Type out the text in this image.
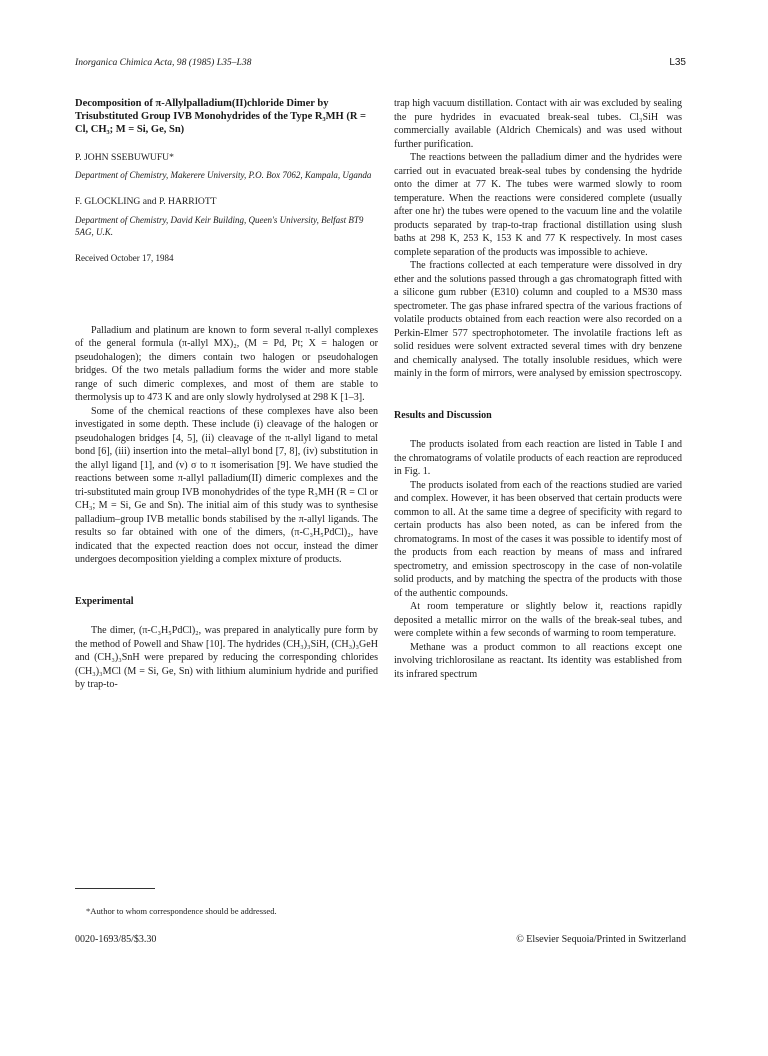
Inorganica Chimica Acta, 98 (1985) L35–L38	L35

Decomposition of π-Allylpalladium(II)chloride Dimer by Trisubstituted Group IVB Monohydrides of the Type R₃MH (R = Cl, CH₃; M = Si, Ge, Sn)

P. JOHN SSEBUWUFU*
Department of Chemistry, Makerere University, P.O. Box 7062, Kampala, Uganda
F. GLOCKLING and P. HARRIOTT
Department of Chemistry, David Keir Building, Queen's University, Belfast BT9 5AG, U.K.
Received October 17, 1984

Palladium and platinum are known to form several π-allyl complexes of the general formula (π-allyl MX)₂, (M = Pd, Pt; X = halogen or pseudohalogen); the dimers contain two halogen or pseudohalogen bridges. Of the two metals palladium forms the wider and more stable range of such dimeric complexes, and most of them are stable to thermolysis up to 473 K and are only slowly hydrolysed at 298 K [1–3].

Some of the chemical reactions of these complexes have also been investigated in some depth. These include (i) cleavage of the halogen or pseudohalogen bridges [4, 5], (ii) cleavage of the π-allyl ligand to metal bond [6], (iii) insertion into the metal–allyl bond [7, 8], (iv) substitution in the allyl ligand [1], and (v) σ to π isomerisation [9]. We have studied the reactions between some π-allyl palladium(II) dimeric complexes and the tri-substituted main group IVB monohydrides of the type R₃MH (R = Cl or CH₃; M = Si, Ge and Sn). The initial aim of this study was to synthesise palladium–group IVB metallic bonds stabilised by the π-allyl ligands. The results so far obtained with one of the dimers, (π-C₃H₅PdCl)₂, have indicated that the expected reaction does not occur, instead the dimer undergoes decomposition yielding a complex mixture of products.

Experimental

The dimer, (π-C₃H₅PdCl)₂, was prepared in analytically pure form by the method of Powell and Shaw [10]. The hydrides (CH₃)₃SiH, (CH₃)₃GeH and (CH₃)₃SnH were prepared by reducing the corresponding chlorides (CH₃)₃MCl (M = Si, Ge, Sn) with lithium aluminium hydride and purified by trap-to-

trap high vacuum distillation. Contact with air was excluded by sealing the pure hydrides in evacuated break-seal tubes. Cl₃SiH was commercially available (Aldrich Chemicals) and was used without further purification.

The reactions between the palladium dimer and the hydrides were carried out in evacuated break-seal tubes by condensing the hydride onto the dimer at 77 K. The tubes were warmed slowly to room temperature. When the reactions were considered complete (usually after one hr) the tubes were opened to the vacuum line and the volatile products separated by trap-to-trap fractional distillation using slush baths at 298 K, 253 K, 153 K and 77 K respectively. In most cases complete separation of the products was impossible to achieve.

The fractions collected at each temperature were dissolved in dry ether and the solutions passed through a gas chromatograph fitted with a silicone gum rubber (E310) column and coupled to a MS30 mass spectrometer. The gas phase infrared spectra of the various fractions of volatile products obtained from each reaction were also recorded on a Perkin-Elmer 577 spectrophotometer. The involatile fractions left as solid residues were solvent extracted several times with dry benzene and chemically analysed. The totally insoluble residues, which were mainly in the form of mirrors, were analysed by emission spectroscopy.

Results and Discussion

The products isolated from each reaction are listed in Table I and the chromatograms of volatile products of each reaction are reproduced in Fig. 1.

The products isolated from each of the reactions studied are varied and complex. However, it has been observed that certain products were common to all. At the same time a degree of specificity with regard to certain products has also been noted, as can be infered from the chromatograms. In most of the cases it was possible to identify most of the products from each reaction by means of mass and infrared spectrometry, and emission spectroscopy in the case of non-volatile solid products, and by matching the spectra of the products with those of the authentic compounds.

At room temperature or slightly below it, reactions rapidly deposited a metallic mirror on the walls of the break-seal tubes, and were complete within a few seconds of warming to room temperature.

Methane was a product common to all reactions except one involving trichlorosilane as reactant. Its identity was established from its infrared spectrum

*Author to whom correspondence should be addressed.
0020-1693/85/$3.30	© Elsevier Sequoia/Printed in Switzerland
